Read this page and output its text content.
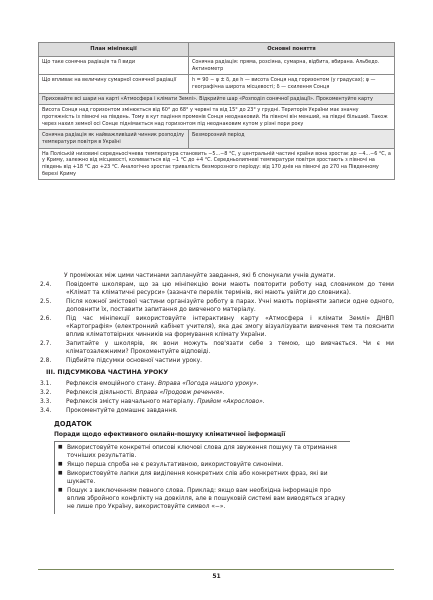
План мініпекції	Основні поняття
Що таке сонячна радіація та її види	Сонячна радіація: пряма, розсіяна, сумарна, відбита, вбирана. Альбедо. Актинометр
Що впливає на величину сумарної сонячної радіації	h = 90 − φ ± δ, де h — висота Сонця над горизонтом (у градусах); φ — географічна широта місцевості; δ — схилення Сонця
Приховайте всі шари на карті «Атмосфера і клімати Землі». Відкрийте шар «Розподіл сонячної радіації». Прокоментуйте карту	
Висота Сонця над горизонтом змінюється від 60° до 68° у червні та від 15° до 23° у грудні. Територія України має значну протяжність із півночі на південь. Тому в кут падіння променів Сонця неоднаковий. На півночі він менший, на півдні більший. Також через нахил земної осі Сонце піднімається над горизонтом під неоднаковим кутом у різні пори року	
Сонячна радіація як найважливіший чинник розподілу температури повітря в Україні	Безморозний період
На Поліській низовині середньосічнева температура становить −5...−8 °С, у центральній частині країни вона зростає до −4...−6 °С, а у Криму, залежно від місцевості, коливається від −1 °С до +4 °С. Середньолипневі температури повітря зростають з півночі на південь від +18 °С до +23 °С. Аналогічно зростає тривалість безморозного періоду: від 170 днів на півночі до 270 на Південному березі Криму	

У проміжках між цими частинами заплануйте завдання, які б спонукали учнів думати.

2.4.	Повідомте школярам, що за цю мініпекцію вони мають повторити роботу над словником до теми «Клімат та кліматичні ресурси» (зазначте перелік термінів, які мають увійти до словника).
2.5.	Після кожної змістової частини організуйте роботу в парах. Учні мають порівняти записи одне одного, доповнити їх, поставити запитання до вивченого матеріалу.
2.6.	Під час мініпекції використовуйте інтерактивну карту «Атмосфера і клімати Землі» ДНВП «Картографія» (електронний кабінет учителя), яка дає змогу візуалізувати вивчення тем та пояснити вплив кліматотвірних чинників на формування клімату України.
2.7.	Запитайте у школярів, як вони можуть пов'язати себе з темою, що вивчається. Чи є ми кліматозалежними? Прокоментуйте відповіді.
2.8.	Підбийте підсумки основної частини уроку.
ІІІ. ПІДСУМКОВА ЧАСТИНА УРОКУ
3.1.	Рефлексія емоційного стану. Вправа «Погода нашого уроку».
3.2.	Рефлексія діяльності. Вправа «Продовж речення».
3.3.	Рефлексія змісту навчального матеріалу. Прийом «Акрослово».
3.4.	Прокоментуйте домашнє завдання.
ДОДАТОК
Поради щодо ефективного онлайн-пошуку кліматичної інформації
■ Використовуйте конкретні описові ключові слова для звуження пошуку та отримання точніших результатів.
■ Якщо перша спроба не є результативною, використовуйте синоніми.
■ Використовуйте лапки для виділення конкретних слів або конкретних фраз, які ви шукаєте.
■ Пошук з виключенням певного слова. Приклад: якщо вам необхідна інформація про вплив збройного конфлікту на довкілля, але в пошуковій системі вам виводяться згадку не лише про Україну, використовуйте символ «−».
51
